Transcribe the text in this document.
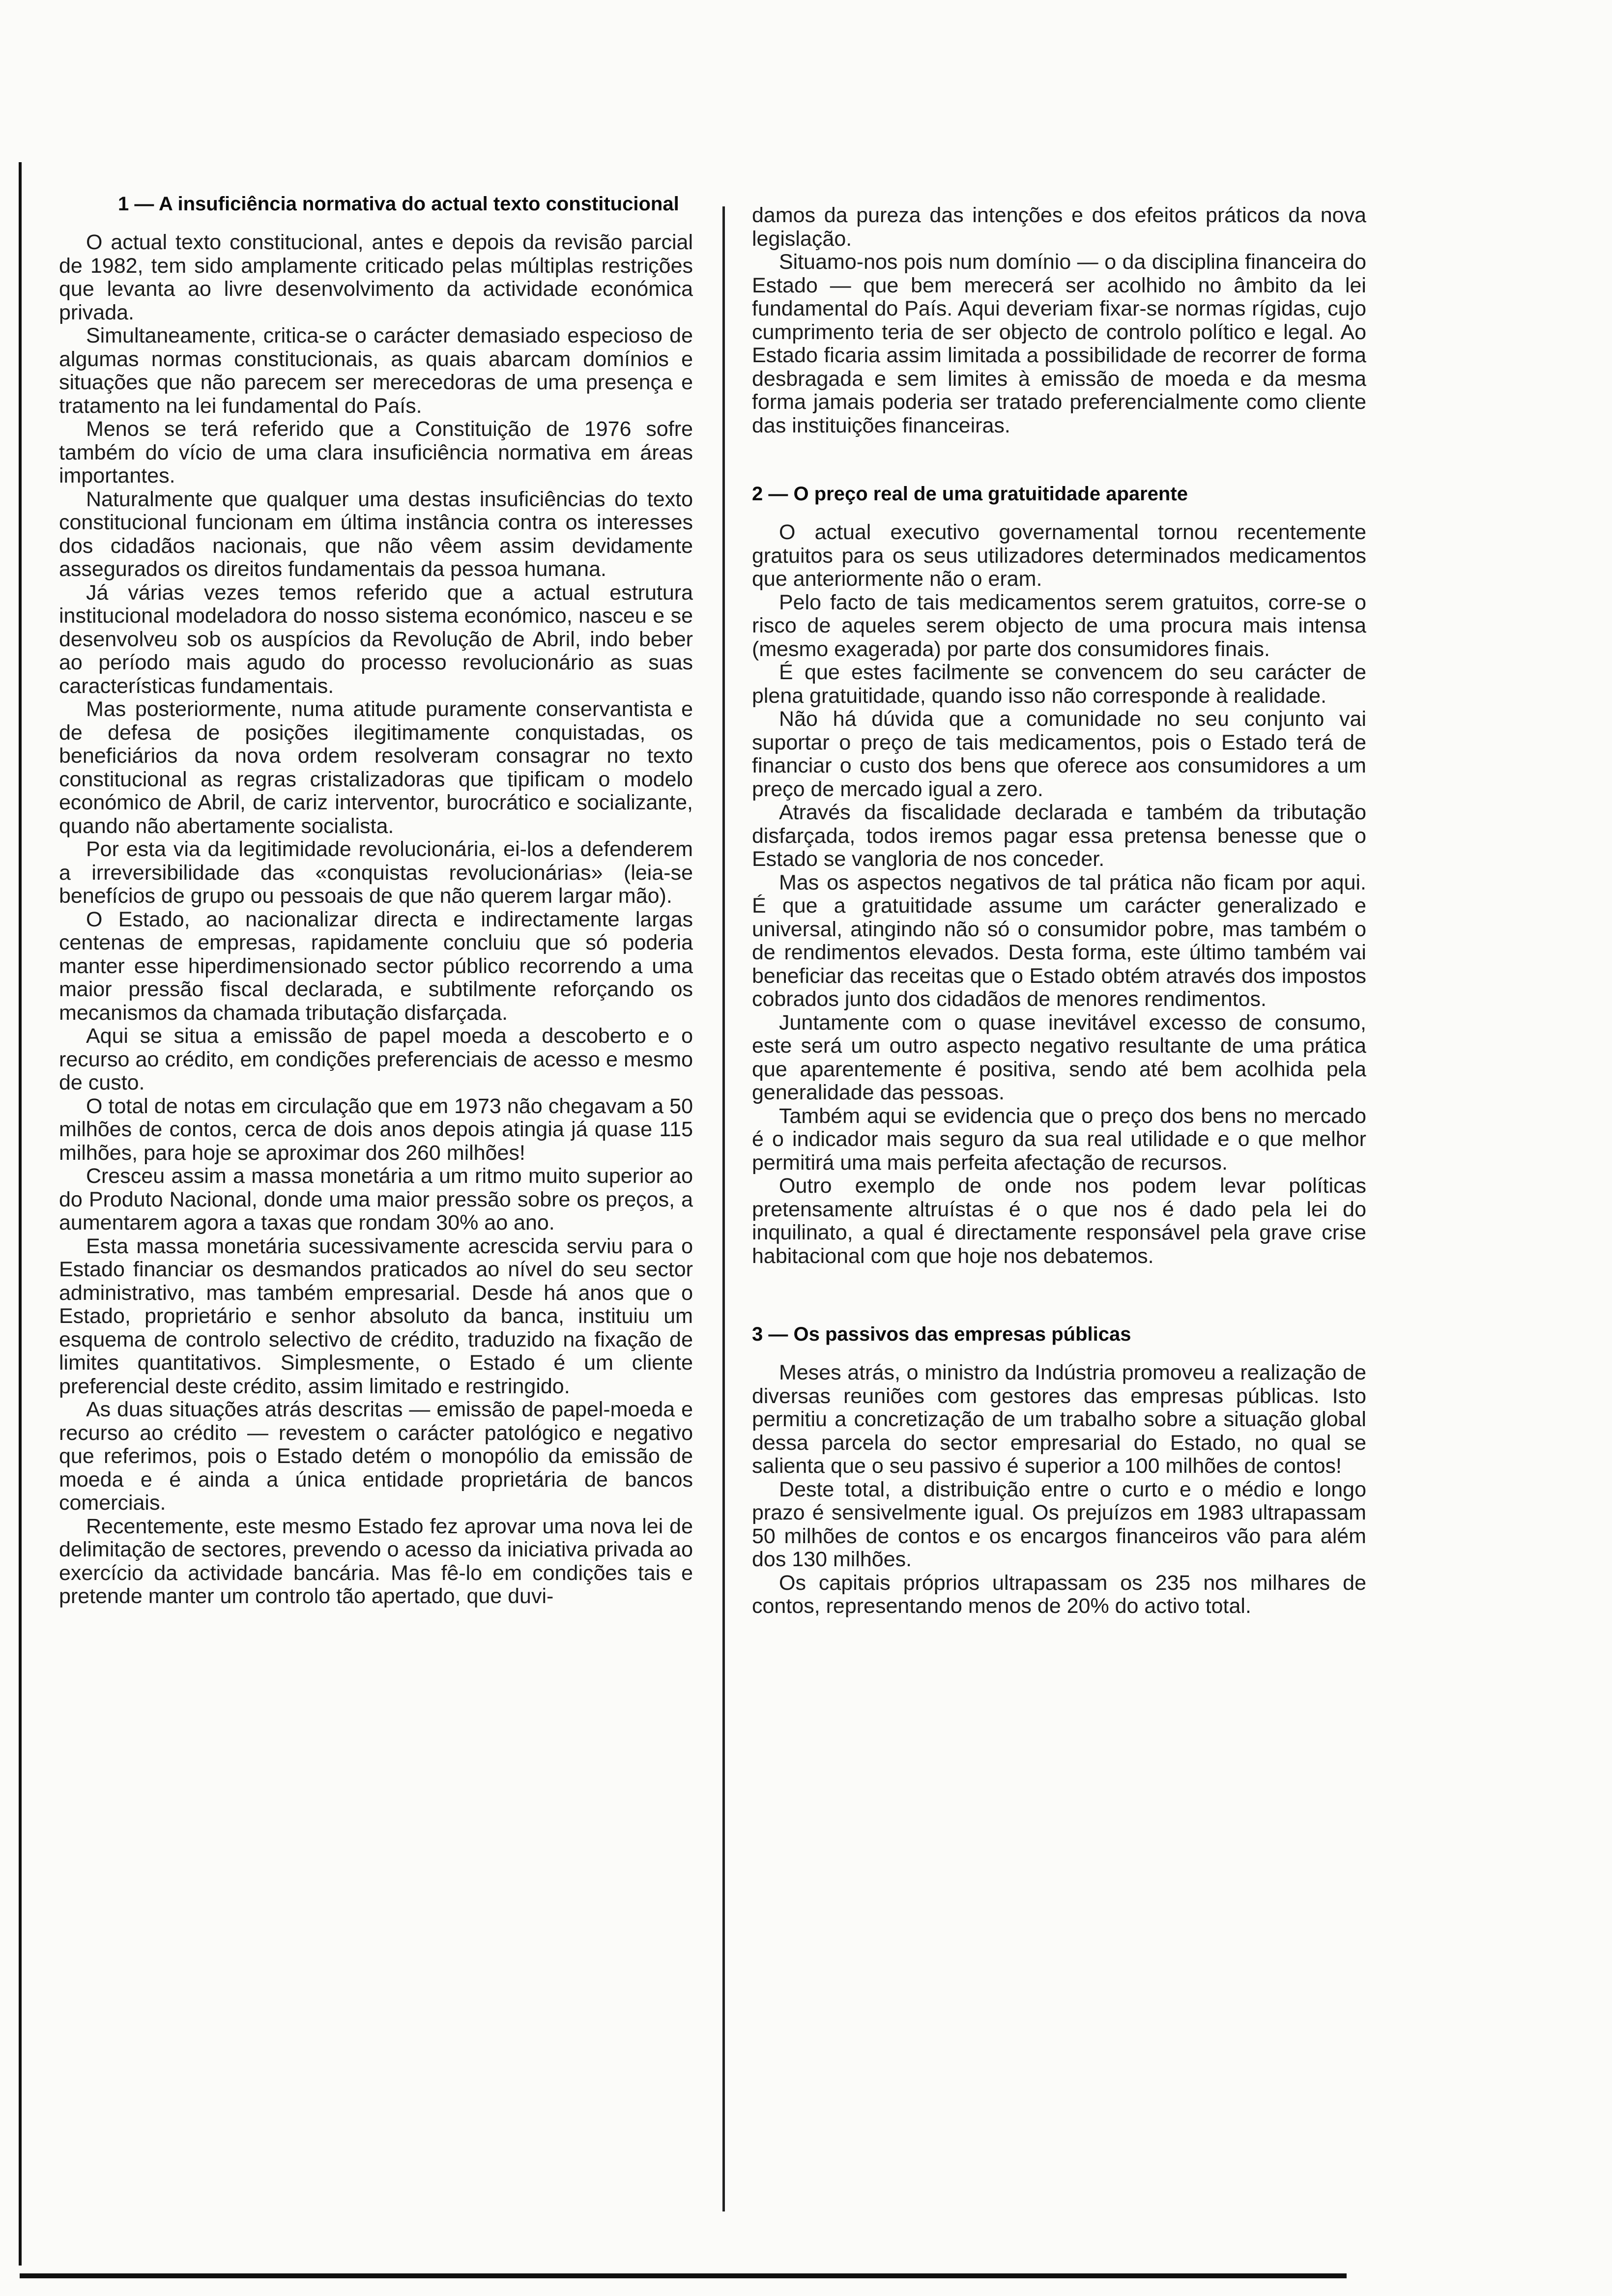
1 — A insuficiência normativa do actual texto constitucional

O actual texto constitucional, antes e depois da revisão parcial de 1982, tem sido amplamente criticado pelas múltiplas restrições que levanta ao livre desenvolvimento da actividade económica privada.

Simultaneamente, critica-se o carácter demasiado especioso de algumas normas constitucionais, as quais abarcam domínios e situações que não parecem ser merecedoras de uma presença e tratamento na lei fundamental do País.

Menos se terá referido que a Constituição de 1976 sofre também do vício de uma clara insuficiência normativa em áreas importantes.

Naturalmente que qualquer uma destas insuficiências do texto constitucional funcionam em última instância contra os interesses dos cidadãos nacionais, que não vêem assim devidamente assegurados os direitos fundamentais da pessoa humana.

Já várias vezes temos referido que a actual estrutura institucional modeladora do nosso sistema económico, nasceu e se desenvolveu sob os auspícios da Revolução de Abril, indo beber ao período mais agudo do processo revolucionário as suas características fundamentais.

Mas posteriormente, numa atitude puramente conservantista e de defesa de posições ilegitimamente conquistadas, os beneficiários da nova ordem resolveram consagrar no texto constitucional as regras cristalizadoras que tipificam o modelo económico de Abril, de cariz interventor, burocrático e socializante, quando não abertamente socialista.

Por esta via da legitimidade revolucionária, ei-los a defenderem a irreversibilidade das «conquistas revolucionárias» (leia-se benefícios de grupo ou pessoais de que não querem largar mão).

O Estado, ao nacionalizar directa e indirectamente largas centenas de empresas, rapidamente concluiu que só poderia manter esse hiperdimensionado sector público recorrendo a uma maior pressão fiscal declarada, e subtilmente reforçando os mecanismos da chamada tributação disfarçada.

Aqui se situa a emissão de papel moeda a descoberto e o recurso ao crédito, em condições preferenciais de acesso e mesmo de custo.

O total de notas em circulação que em 1973 não chegavam a 50 milhões de contos, cerca de dois anos depois atingia já quase 115 milhões, para hoje se aproximar dos 260 milhões!

Cresceu assim a massa monetária a um ritmo muito superior ao do Produto Nacional, donde uma maior pressão sobre os preços, a aumentarem agora a taxas que rondam 30% ao ano.

Esta massa monetária sucessivamente acrescida serviu para o Estado financiar os desmandos praticados ao nível do seu sector administrativo, mas também empresarial. Desde há anos que o Estado, proprietário e senhor absoluto da banca, instituiu um esquema de controlo selectivo de crédito, traduzido na fixação de limites quantitativos. Simplesmente, o Estado é um cliente preferencial deste crédito, assim limitado e restringido.

As duas situações atrás descritas — emissão de papel-moeda e recurso ao crédito — revestem o carácter patológico e negativo que referimos, pois o Estado detém o monopólio da emissão de moeda e é ainda a única entidade proprietária de bancos comerciais.

Recentemente, este mesmo Estado fez aprovar uma nova lei de delimitação de sectores, prevendo o acesso da iniciativa privada ao exercício da actividade bancária. Mas fê-lo em condições tais e pretende manter um controlo tão apertado, que duvi-

damos da pureza das intenções e dos efeitos práticos da nova legislação.

Situamo-nos pois num domínio — o da disciplina financeira do Estado — que bem merecerá ser acolhido no âmbito da lei fundamental do País. Aqui deveriam fixar-se normas rígidas, cujo cumprimento teria de ser objecto de controlo político e legal. Ao Estado ficaria assim limitada a possibilidade de recorrer de forma desbragada e sem limites à emissão de moeda e da mesma forma jamais poderia ser tratado preferencialmente como cliente das instituições financeiras.

2 — O preço real de uma gratuitidade aparente

O actual executivo governamental tornou recentemente gratuitos para os seus utilizadores determinados medicamentos que anteriormente não o eram.

Pelo facto de tais medicamentos serem gratuitos, corre-se o risco de aqueles serem objecto de uma procura mais intensa (mesmo exagerada) por parte dos consumidores finais.

É que estes facilmente se convencem do seu carácter de plena gratuitidade, quando isso não corresponde à realidade.

Não há dúvida que a comunidade no seu conjunto vai suportar o preço de tais medicamentos, pois o Estado terá de financiar o custo dos bens que oferece aos consumidores a um preço de mercado igual a zero.

Através da fiscalidade declarada e também da tributação disfarçada, todos iremos pagar essa pretensa benesse que o Estado se vangloria de nos conceder.

Mas os aspectos negativos de tal prática não ficam por aqui. É que a gratuitidade assume um carácter generalizado e universal, atingindo não só o consumidor pobre, mas também o de rendimentos elevados. Desta forma, este último também vai beneficiar das receitas que o Estado obtém através dos impostos cobrados junto dos cidadãos de menores rendimentos.

Juntamente com o quase inevitável excesso de consumo, este será um outro aspecto negativo resultante de uma prática que aparentemente é positiva, sendo até bem acolhida pela generalidade das pessoas.

Também aqui se evidencia que o preço dos bens no mercado é o indicador mais seguro da sua real utilidade e o que melhor permitirá uma mais perfeita afectação de recursos.

Outro exemplo de onde nos podem levar políticas pretensamente altruístas é o que nos é dado pela lei do inquilinato, a qual é directamente responsável pela grave crise habitacional com que hoje nos debatemos.

3 — Os passivos das empresas públicas

Meses atrás, o ministro da Indústria promoveu a realização de diversas reuniões com gestores das empresas públicas. Isto permitiu a concretização de um trabalho sobre a situação global dessa parcela do sector empresarial do Estado, no qual se salienta que o seu passivo é superior a 100 milhões de contos!

Deste total, a distribuição entre o curto e o médio e longo prazo é sensivelmente igual. Os prejuízos em 1983 ultrapassam 50 milhões de contos e os encargos financeiros vão para além dos 130 milhões.

Os capitais próprios ultrapassam os 235 nos milhares de contos, representando menos de 20% do activo total.
